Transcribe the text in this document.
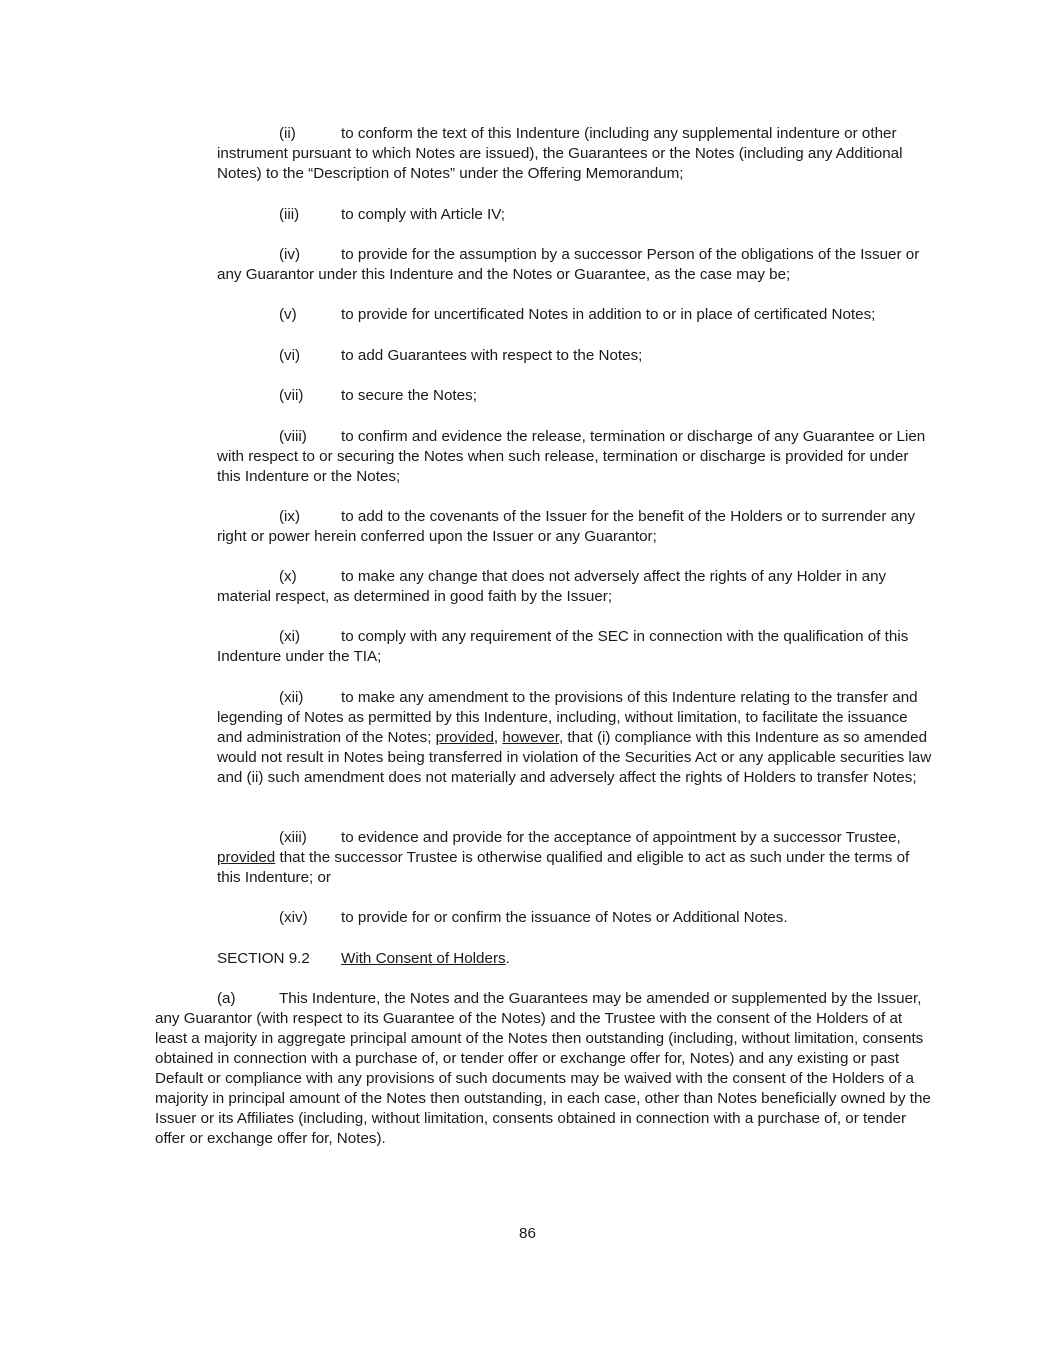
(ii)	to conform the text of this Indenture (including any supplemental indenture or other instrument pursuant to which Notes are issued), the Guarantees or the Notes (including any Additional Notes) to the “Description of Notes” under the Offering Memorandum;

(iii)	to comply with Article IV;

(iv)	to provide for the assumption by a successor Person of the obligations of the Issuer or any Guarantor under this Indenture and the Notes or Guarantee, as the case may be;

(v)	to provide for uncertificated Notes in addition to or in place of certificated Notes;

(vi)	to add Guarantees with respect to the Notes;

(vii) to secure the Notes;

(viii) to confirm and evidence the release, termination or discharge of any Guarantee or Lien with respect to or securing the Notes when such release, termination or discharge is provided for under this Indenture or the Notes;

(ix)	to add to the covenants of the Issuer for the benefit of the Holders or to surrender any right or power herein conferred upon the Issuer or any Guarantor;

(x)	to make any change that does not adversely affect the rights of any Holder in any material respect, as determined in good faith by the Issuer;

(xi)	to comply with any requirement of the SEC in connection with the qualification of this Indenture under the TIA;

(xii) to make any amendment to the provisions of this Indenture relating to the transfer and legending of Notes as permitted by this Indenture, including, without limitation, to facilitate the issuance and administration of the Notes; provided, however, that (i) compliance with this Indenture as so amended would not result in Notes being transferred in violation of the Securities Act or any applicable securities law and (ii) such amendment does not materially and adversely affect the rights of Holders to transfer Notes;

(xiii) to evidence and provide for the acceptance of appointment by a successor Trustee, provided that the successor Trustee is otherwise qualified and eligible to act as such under the terms of this Indenture; or

(xiv) to provide for or confirm the issuance of Notes or Additional Notes.

SECTION 9.2 With Consent of Holders.

(a)	This Indenture, the Notes and the Guarantees may be amended or supplemented by the Issuer, any Guarantor (with respect to its Guarantee of the Notes) and the Trustee with the consent of the Holders of at least a majority in aggregate principal amount of the Notes then outstanding (including, without limitation, consents obtained in connection with a purchase of, or tender offer or exchange offer for, Notes) and any existing or past Default or compliance with any provisions of such documents may be waived with the consent of the Holders of a majority in principal amount of the Notes then outstanding, in each case, other than Notes beneficially owned by the Issuer or its Affiliates (including, without limitation, consents obtained in connection with a purchase of, or tender offer or exchange offer for, Notes).

86
